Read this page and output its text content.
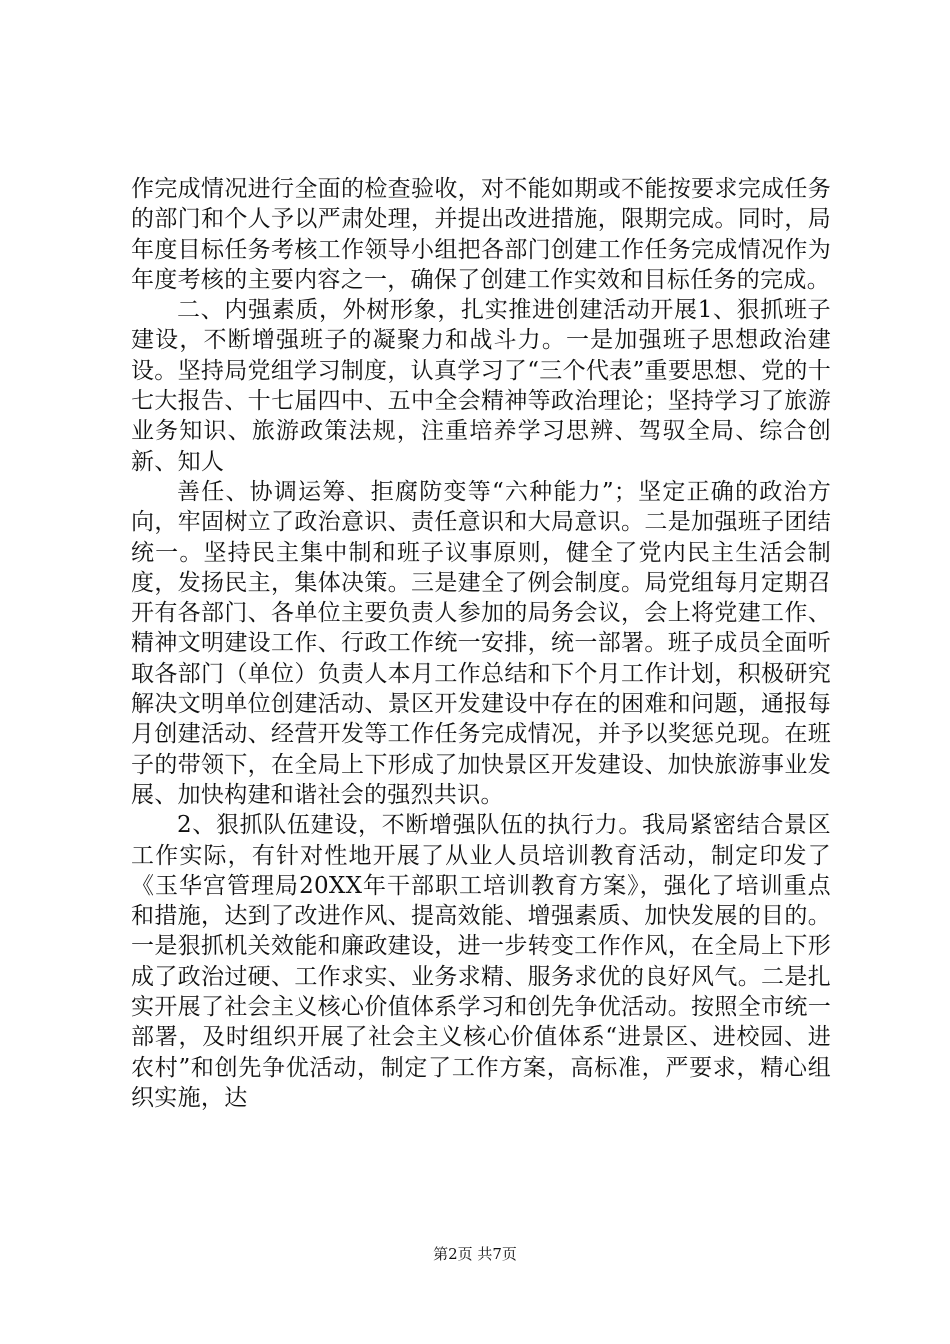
作完成情况进行全面的检查验收，对不能如期或不能按要求完成任务的部门和个人予以严肃处理，并提出改进措施，限期完成。同时，局年度目标任务考核工作领导小组把各部门创建工作任务完成情况作为年度考核的主要内容之一，确保了创建工作实效和目标任务的完成。

二、内强素质，外树形象，扎实推进创建活动开展1、狠抓班子建设，不断增强班子的凝聚力和战斗力。一是加强班子思想政治建设。坚持局党组学习制度，认真学习了“三个代表”重要思想、党的十七大报告、十七届四中、五中全会精神等政治理论；坚持学习了旅游业务知识、旅游政策法规，注重培养学习思辨、驾驭全局、综合创新、知人

善任、协调运筹、拒腐防变等“六种能力”；坚定正确的政治方向，牢固树立了政治意识、责任意识和大局意识。二是加强班子团结统一。坚持民主集中制和班子议事原则，健全了党内民主生活会制度，发扬民主，集体决策。三是建全了例会制度。局党组每月定期召开有各部门、各单位主要负责人参加的局务会议，会上将党建工作、精神文明建设工作、行政工作统一安排，统一部署。班子成员全面听取各部门（单位）负责人本月工作总结和下个月工作计划，积极研究解决文明单位创建活动、景区开发建设中存在的困难和问题，通报每月创建活动、经营开发等工作任务完成情况，并予以奖惩兑现。在班子的带领下，在全局上下形成了加快景区开发建设、加快旅游事业发展、加快构建和谐社会的强烈共识。

2、狠抓队伍建设，不断增强队伍的执行力。我局紧密结合景区工作实际，有针对性地开展了从业人员培训教育活动，制定印发了《玉华宫管理局20XX年干部职工培训教育方案》，强化了培训重点和措施，达到了改进作风、提高效能、增强素质、加快发展的目的。一是狠抓机关效能和廉政建设，进一步转变工作作风，在全局上下形成了政治过硬、工作求实、业务求精、服务求优的良好风气。二是扎实开展了社会主义核心价值体系学习和创先争优活动。按照全市统一部署，及时组织开展了社会主义核心价值体系“进景区、进校园、进农村”和创先争优活动，制定了工作方案，高标准，严要求，精心组织实施，达

第2页 共7页
